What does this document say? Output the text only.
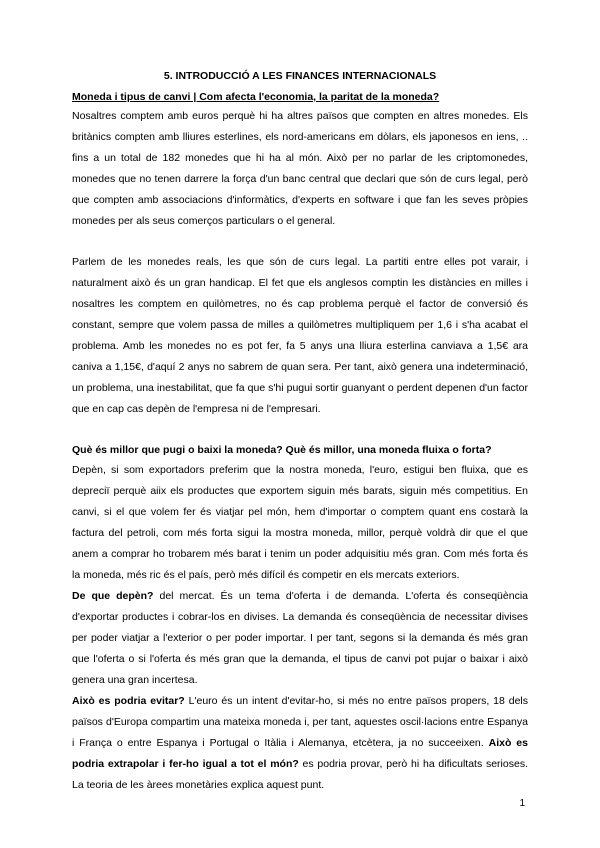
5. INTRODUCCIÓ A LES FINANCES INTERNACIONALS

Moneda i tipus de canvi | Com afecta l'economia, la paritat de la moneda?

Nosaltres comptem amb euros perquè hi ha altres països que compten en altres monedes. Els britànics compten amb lliures esterlines, els nord-americans em dòlars, els japonesos en iens, .. fins a un total de 182 monedes que hi ha al món. Això per no parlar de les criptomonedes, monedes que no tenen darrere la força d'un banc central que declari que són de curs legal, però que compten amb associacions d'informàtics, d'experts en software i que fan les seves pròpies monedes per als seus comerços particulars o el general.

Parlem de les monedes reals, les que són de curs legal. La partiti entre elles pot varair, i naturalment això és un gran handicap. El fet que els anglesos comptin les distàncies en milles i nosaltres les comptem en quilòmetres, no és cap problema perquè el factor de conversió és constant, sempre que volem passa de milles a quilòmetres multipliquem per 1,6 i s'ha acabat el problema. Amb les monedes no es pot fer, fa 5 anys una lliura esterlina canviava a 1,5€ ara caniva a 1,15€, d'aquí 2 anys no sabrem de quan sera. Per tant, això genera una indeterminació, un problema, una inestabilitat, que fa que s'hi pugui sortir guanyant o perdent depenen d'un factor que en cap cas depèn de l'empresa ni de l'empresari.

Què és millor que pugi o baixi la moneda? Què és millor, una moneda fluixa o forta?

Depèn, si som exportadors preferim que la nostra moneda, l'euro, estigui ben fluixa, que es depreciï perquè aiix els productes que exportem siguin més barats, siguin més competitius. En canvi, si el que volem fer és viatjar pel món, hem d'importar o comptem quant ens costarà la factura del petroli, com més forta sigui la mostra moneda, millor, perquè voldrà dir que el que anem a comprar ho trobarem més barat i tenim un poder adquisitiu més gran. Com més forta és la moneda, més ric és el país, però més difícil és competir en els mercats exteriors.

De que depèn? del mercat. És un tema d'oferta i de demanda. L'oferta és conseqüència d'exportar productes i cobrar-los en divises. La demanda és conseqüència de necessitar divises per poder viatjar a l'exterior o per poder importar. I per tant, segons si la demanda és més gran que l'oferta o si l'oferta és més gran que la demanda, el tipus de canvi pot pujar o baixar i això genera una gran incertesa.

Això es podria evitar? L'euro és un intent d'evitar-ho, si més no entre països propers, 18 dels països d'Europa compartim una mateixa moneda i, per tant, aquestes oscil·lacions entre Espanya i França o entre Espanya i Portugal o Itàlia i Alemanya, etcètera, ja no succeeixen. Això es podria extrapolar i fer-ho igual a tot el món? es podria provar, però hi ha dificultats serioses. La teoria de les àrees monetàries explica aquest punt.

1
